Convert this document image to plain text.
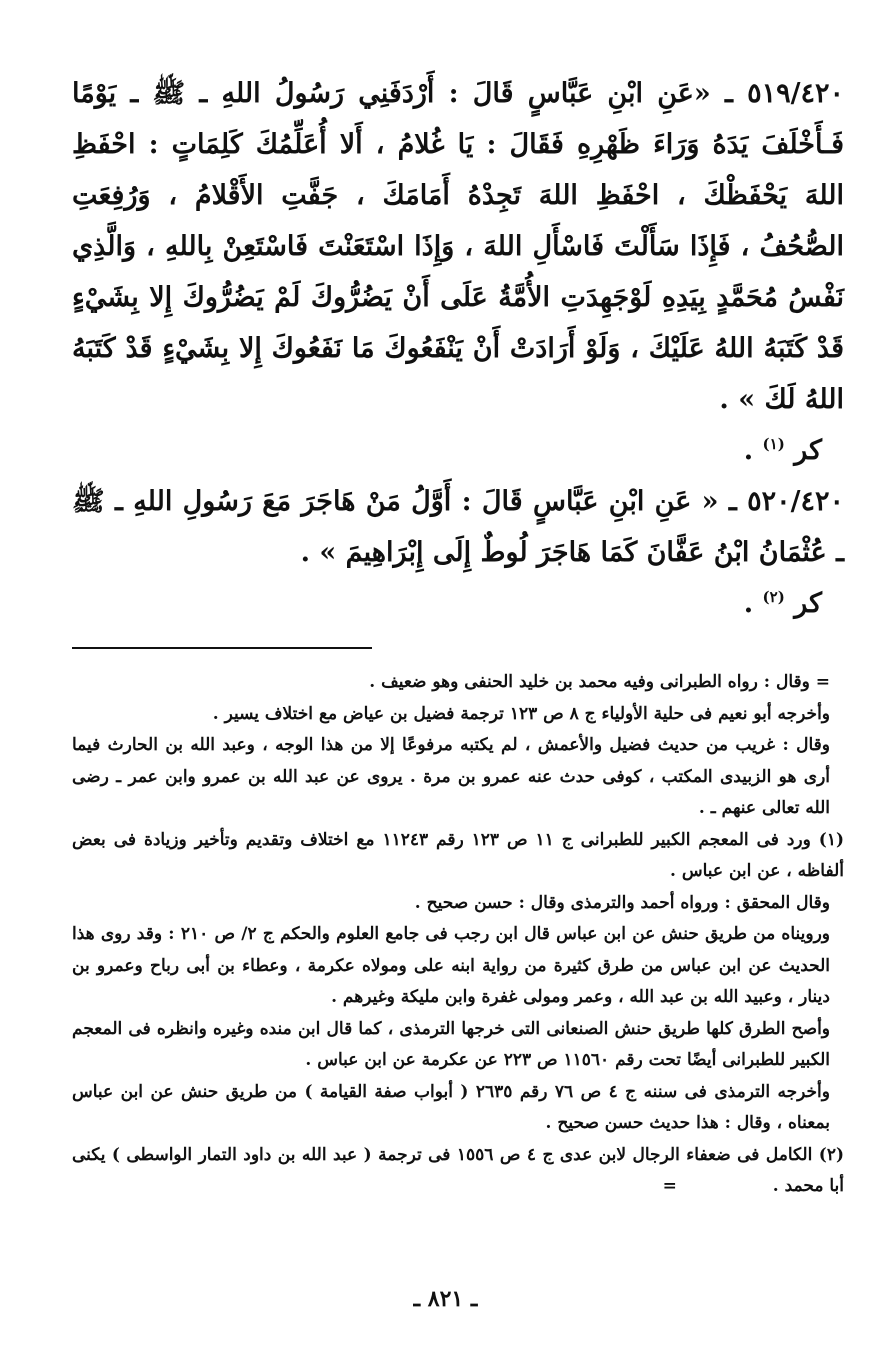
٥١٩/٤٢٠ ـ «عَنِ ابْنِ عَبَّاسٍ قَالَ : أَرْدَفَنِي رَسُولُ اللهِ ـ ﷺ ـ يَوْمًا فَـأَخْلَفَ يَدَهُ وَرَاءَ ظَهْرِهِ فَقَالَ : يَا غُلامُ ، أَلا أُعَلِّمُكَ كَلِمَاتٍ : احْفَظِ اللهَ يَحْفَظْكَ ، احْفَظِ اللهَ تَجِدْهُ أَمَامَكَ ، جَفَّتِ الأَقْلامُ ، وَرُفِعَتِ الصُّحُفُ ، فَإِذَا سَأَلْتَ فَاسْأَلِ اللهَ ، وَإِذَا اسْتَعَنْتَ فَاسْتَعِنْ بِاللهِ ، وَالَّذِي نَفْسُ مُحَمَّدٍ بِيَدِهِ لَوْجَهِدَتِ الأُمَّةُ عَلَى أَنْ يَضُرُّوكَ لَمْ يَضُرُّوكَ إِلا بِشَيْءٍ قَدْ كَتَبَهُ اللهُ عَلَيْكَ ، وَلَوْ أَرَادَتْ أَنْ يَنْفَعُوكَ مَا نَفَعُوكَ إِلا بِشَيْءٍ قَدْ كَتَبَهُ اللهُ لَكَ » .

كر $^{(١)}$ .

٥٢٠/٤٢٠ ـ « عَنِ ابْنِ عَبَّاسٍ قَالَ : أَوَّلُ مَنْ هَاجَرَ مَعَ رَسُولِ اللهِ ـ ﷺ ـ عُثْمَانُ ابْنُ عَفَّانَ كَمَا هَاجَرَ لُوطٌ إِلَى إِبْرَاهِيمَ » .

كر $^{(٢)}$ .

= وقال : رواه الطبرانى وفيه محمد بن خليد الحنفى وهو ضعيف .

وأخرجه أبو نعيم فى حلية الأولياء ج ٨ ص ١٢٣ ترجمة فضيل بن عياض مع اختلاف يسير .

وقال : غريب من حديث فضيل والأعمش ، لم يكتبه مرفوعًا إلا من هذا الوجه ، وعبد الله بن الحارث فيما أرى هو الزبيدى المكتب ، كوفى حدث عنه عمرو بن مرة . يروى عن عبد الله بن عمرو وابن عمر ـ رضى الله تعالى عنهم ـ .

(١) ورد فى المعجم الكبير للطبرانى ج ١١ ص ١٢٣ رقم ١١٢٤٣ مع اختلاف وتقديم وتأخير وزيادة فى بعض ألفاظه ، عن ابن عباس .

وقال المحقق : ورواه أحمد والترمذى وقال : حسن صحيح .

ورويناه من طريق حنش عن ابن عباس قال ابن رجب فى جامع العلوم والحكم ج ٢/ ص ٢١٠ : وقد روى هذا الحديث عن ابن عباس من طرق كثيرة من رواية ابنه على ومولاه عكرمة ، وعطاء بن أبى رباح وعمرو بن دينار ، وعبيد الله بن عبد الله ، وعمر ومولى غفرة وابن مليكة وغيرهم .

وأصح الطرق كلها طريق حنش الصنعانى التى خرجها الترمذى ، كما قال ابن منده وغيره وانظره فى المعجم الكبير للطبرانى أيضًا تحت رقم ١١٥٦٠ ص ٢٢٣ عن عكرمة عن ابن عباس .

وأخرجه الترمذى فى سننه ج ٤ ص ٧٦ رقم ٢٦٣٥ ( أبواب صفة القيامة ) من طريق حنش عن ابن عباس بمعناه ، وقال : هذا حديث حسن صحيح .

(٢) الكامل فى ضعفاء الرجال لابن عدى ج ٤ ص ١٥٥٦ فى ترجمة ( عبد الله بن داود التمار الواسطى ) يكنى أبا محمد . =

ـ ٨٢١ ـ
